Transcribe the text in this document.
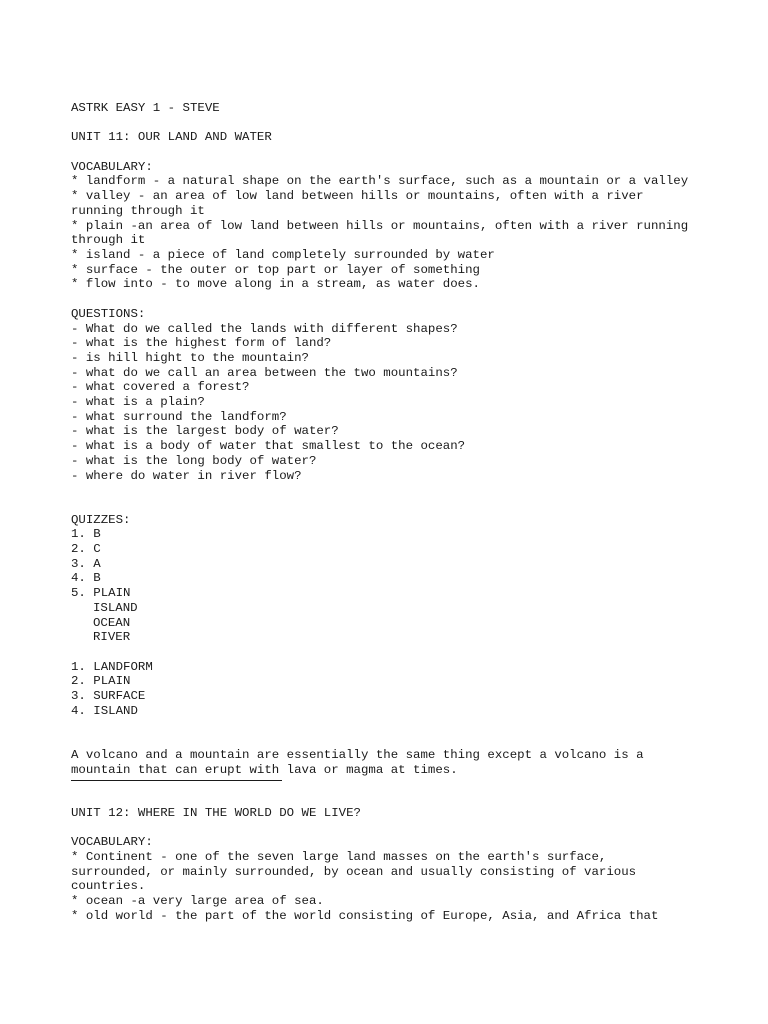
ASTRK EASY 1 - STEVE
UNIT 11: OUR LAND AND WATER
VOCABULARY:
* landform - a natural shape on the earth's surface, such as a mountain or a valley
* valley - an area of low land between hills or mountains, often with a river
running through it
* plain -an area of low land between hills or mountains, often with a river running
through it
* island - a piece of land completely surrounded by water
* surface - the outer or top part or layer of something
* flow into - to move along in a stream, as water does.
QUESTIONS:
- What do we called the lands with different shapes?
- what is the highest form of land?
- is hill hight to the mountain?
- what do we call an area between the two mountains?
- what covered a forest?
- what is a plain?
- what surround the landform?
- what is the largest body of water?
- what is a body of water that smallest to the ocean?
- what is the long body of water?
- where do water in river flow?
QUIZZES:
1. B
2. C
3. A
4. B
5. PLAIN
ISLAND
OCEAN
RIVER
1. LANDFORM
2. PLAIN
3. SURFACE
4. ISLAND
A volcano and a mountain are essentially the same thing except a volcano is a
mountain that can erupt with lava or magma at times.
UNIT 12: WHERE IN THE WORLD DO WE LIVE?
VOCABULARY:
* Continent - one of the seven large land masses on the earth's surface,
surrounded, or mainly surrounded, by ocean and usually consisting of various
countries.
* ocean -a very large area of sea.
* old world - the part of the world consisting of Europe, Asia, and Africa that
